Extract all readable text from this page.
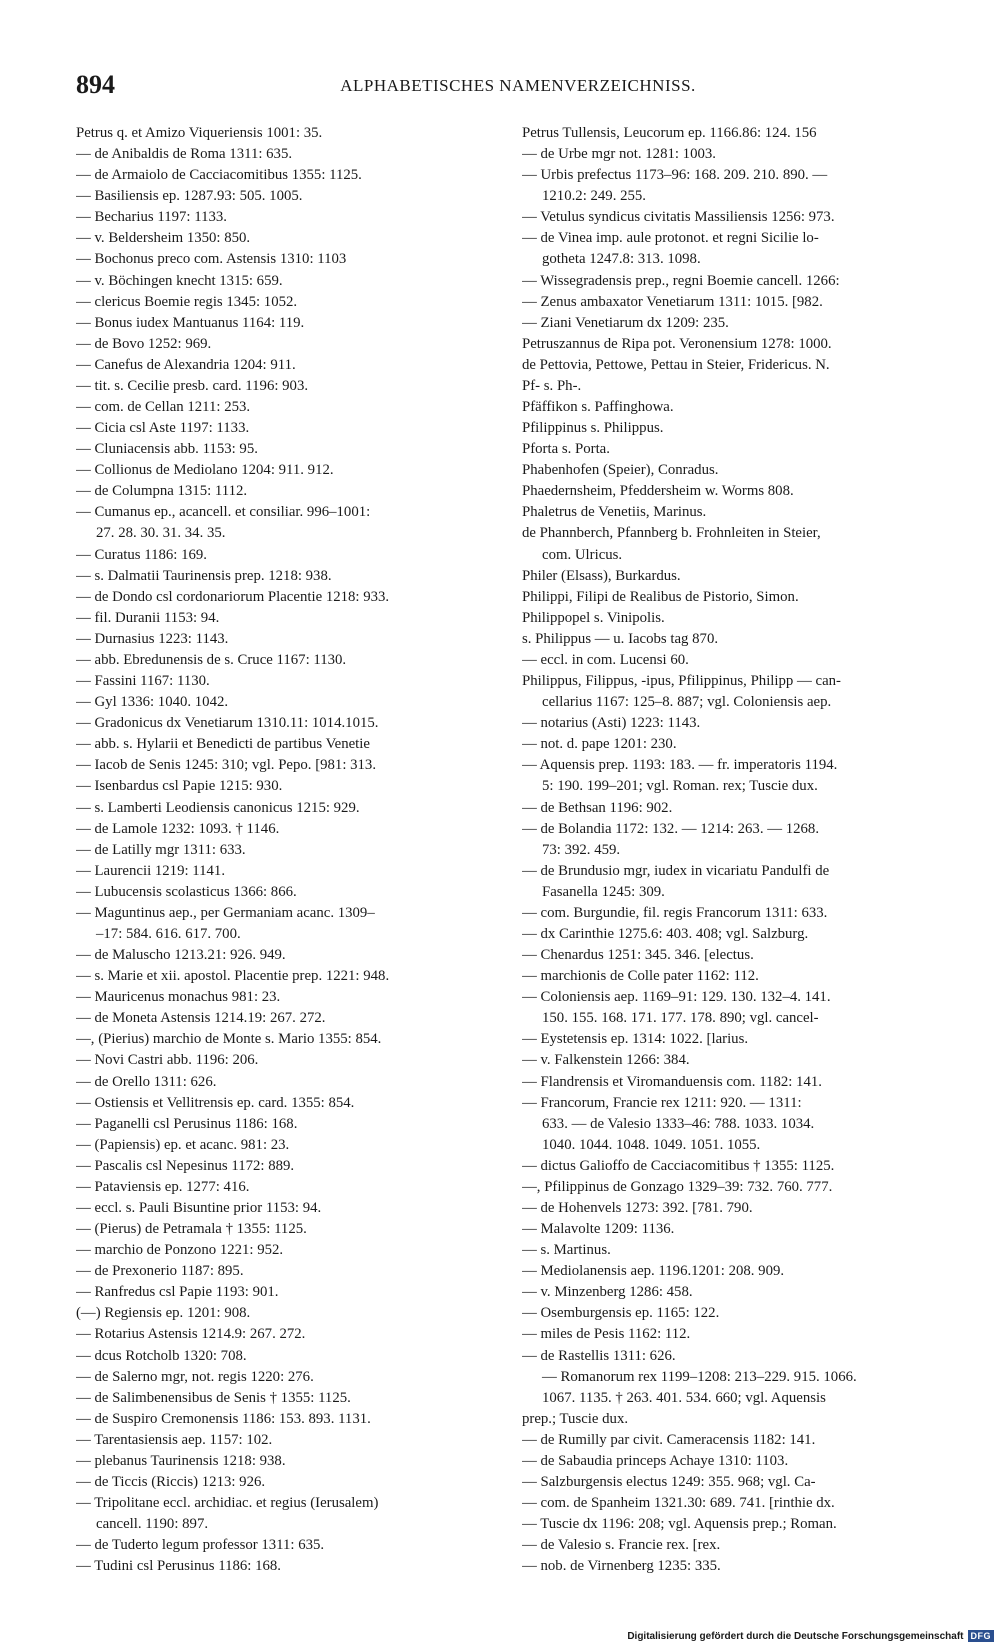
894	ALPHABETISCHES NAMENVERZEICHNISS.
Petrus q. et Amizo Viqueriensis 1001: 35.
— de Anibaldis de Roma 1311: 635.
— de Armaiolo de Cacciacomitibus 1355: 1125.
— Basiliensis ep. 1287.93: 505. 1005.
— Becharius 1197: 1133.
— v. Beldersheim 1350: 850.
— Bochonus preco com. Astensis 1310: 1103
— v. Böchingen knecht 1315: 659.
— clericus Boemie regis 1345: 1052.
— Bonus iudex Mantuanus 1164: 119.
— de Bovo 1252: 969.
— Canefus de Alexandria 1204: 911.
— tit. s. Cecilie presb. card. 1196: 903.
— com. de Cellan 1211: 253.
— Cicia csl Aste 1197: 1133.
— Cluniacensis abb. 1153: 95.
— Collionus de Mediolano 1204: 911. 912.
— de Columpna 1315: 1112.
— Cumanus ep., acancell. et consiliar. 996–1001:
27. 28. 30. 31. 34. 35.
— Curatus 1186: 169.
— s. Dalmatii Taurinensis prep. 1218: 938.
— de Dondo csl cordonariorum Placentie 1218: 933.
— fil. Duranii 1153: 94.
— Durnasius 1223: 1143.
— abb. Ebredunensis de s. Cruce 1167: 1130.
— Fassini 1167: 1130.
— Gyl 1336: 1040. 1042.
— Gradonicus dx Venetiarum 1310.11: 1014.1015.
— abb. s. Hylarii et Benedicti de partibus Venetie
— Iacob de Senis 1245: 310; vgl. Pepo. [981: 313.
— Isenbardus csl Papie 1215: 930.
— s. Lamberti Leodiensis canonicus 1215: 929.
— de Lamole 1232: 1093. † 1146.
— de Latilly mgr 1311: 633.
— Laurencii 1219: 1141.
— Lubucensis scolasticus 1366: 866.
— Maguntinus aep., per Germaniam acanc. 1309–
–17: 584. 616. 617. 700.
— de Maluscho 1213.21: 926. 949.
— s. Marie et xii. apostol. Placentie prep. 1221: 948.
— Mauricenus monachus 981: 23.
— de Moneta Astensis 1214.19: 267. 272.
—, (Pierius) marchio de Monte s. Mario 1355: 854.
— Novi Castri abb. 1196: 206.
— de Orello 1311: 626.
— Ostiensis et Vellitrensis ep. card. 1355: 854.
— Paganelli csl Perusinus 1186: 168.
— (Papiensis) ep. et acanc. 981: 23.
— Pascalis csl Nepesinus 1172: 889.
— Pataviensis ep. 1277: 416.
— eccl. s. Pauli Bisuntine prior 1153: 94.
— (Pierus) de Petramala † 1355: 1125.
— marchio de Ponzono 1221: 952.
— de Prexonerio 1187: 895.
— Ranfredus csl Papie 1193: 901.
(—) Regiensis ep. 1201: 908.
— Rotarius Astensis 1214.9: 267. 272.
— dcus Rotcholb 1320: 708.
— de Salerno mgr, not. regis 1220: 276.
— de Salimbenensibus de Senis † 1355: 1125.
— de Suspiro Cremonensis 1186: 153. 893. 1131.
— Tarentasiensis aep. 1157: 102.
— plebanus Taurinensis 1218: 938.
— de Ticcis (Riccis) 1213: 926.
— Tripolitane eccl. archidiac. et regius (Ierusalem)
cancell. 1190: 897.
— de Tuderto legum professor 1311: 635.
— Tudini csl Perusinus 1186: 168.
Petrus Tullensis, Leucorum ep. 1166.86: 124. 156
— de Urbe mgr not. 1281: 1003.
— Urbis prefectus 1173–96: 168. 209. 210. 890. —
1210.2: 249. 255.
— Vetulus syndicus civitatis Massiliensis 1256: 973.
— de Vinea imp. aule protonot. et regni Sicilie lo-
gotheta 1247.8: 313. 1098.
— Wissegradensis prep., regni Boemie cancell. 1266:
— Zenus ambaxator Venetiarum 1311: 1015. [982.
— Ziani Venetiarum dx 1209: 235.
Petruszannus de Ripa pot. Veronensium 1278: 1000.
de Pettovia, Pettowe, Pettau in Steier, Fridericus. N.
Pf- s. Ph-.
Pfäffikon s. Paffinghowa.
Pfilippinus s. Philippus.
Pforta s. Porta.
Phabenhofen (Speier), Conradus.
Phaedernsheim, Pfeddersheim w. Worms 808.
Phaletrus de Venetiis, Marinus.
de Phannberch, Pfannberg b. Frohnleiten in Steier,
com. Ulricus.
Philer (Elsass), Burkardus.
Philippi, Filipi de Realibus de Pistorio, Simon.
Philippopel s. Vinipolis.
s. Philippus — u. Iacobs tag 870.
— eccl. in com. Lucensi 60.
Philippus, Filippus, -ipus, Pfilippinus, Philipp — can-
cellarius 1167: 125–8. 887; vgl. Coloniensis aep.
— notarius (Asti) 1223: 1143.
— not. d. pape 1201: 230.
— Aquensis prep. 1193: 183. — fr. imperatoris 1194.
5: 190. 199–201; vgl. Roman. rex; Tuscie dux.
— de Bethsan 1196: 902.
— de Bolandia 1172: 132. — 1214: 263. — 1268.
73: 392. 459.
— de Brundusio mgr, iudex in vicariatu Pandulfi de
Fasanella 1245: 309.
— com. Burgundie, fil. regis Francorum 1311: 633.
— dx Carinthie 1275.6: 403. 408; vgl. Salzburg.
— Chenardus 1251: 345. 346. [electus.
— marchionis de Colle pater 1162: 112.
— Coloniensis aep. 1169–91: 129. 130. 132–4. 141.
150. 155. 168. 171. 177. 178. 890; vgl. cancel-
— Eystetensis ep. 1314: 1022. [larius.
— v. Falkenstein 1266: 384.
— Flandrensis et Viromanduensis com. 1182: 141.
— Francorum, Francie rex 1211: 920. — 1311:
633. — de Valesio 1333–46: 788. 1033. 1034.
1040. 1044. 1048. 1049. 1051. 1055.
— dictus Galioffo de Cacciacomitibus † 1355: 1125.
—, Pfilippinus de Gonzago 1329–39: 732. 760. 777.
— de Hohenvels 1273: 392. [781. 790.
— Malavolte 1209: 1136.
— s. Martinus.
— Mediolanensis aep. 1196.1201: 208. 909.
— v. Minzenberg 1286: 458.
— Osemburgensis ep. 1165: 122.
— miles de Pesis 1162: 112.
— de Rastellis 1311: 626.
— Romanorum rex 1199–1208: 213–229. 915. 1066.
1067. 1135. † 263. 401. 534. 660; vgl. Aquensis
prep.; Tuscie dux.
— de Rumilly par civit. Cameracensis 1182: 141.
— de Sabaudia princeps Achaye 1310: 1103.
— Salzburgensis electus 1249: 355. 968; vgl. Ca-
— com. de Spanheim 1321.30: 689. 741. [rinthie dx.
— Tuscie dx 1196: 208; vgl. Aquensis prep.; Roman.
— de Valesio s. Francie rex. [rex.
— nob. de Virnenberg 1235: 335.
Digitalisierung gefördert durch die Deutsche Forschungsgemeinschaft DFG
